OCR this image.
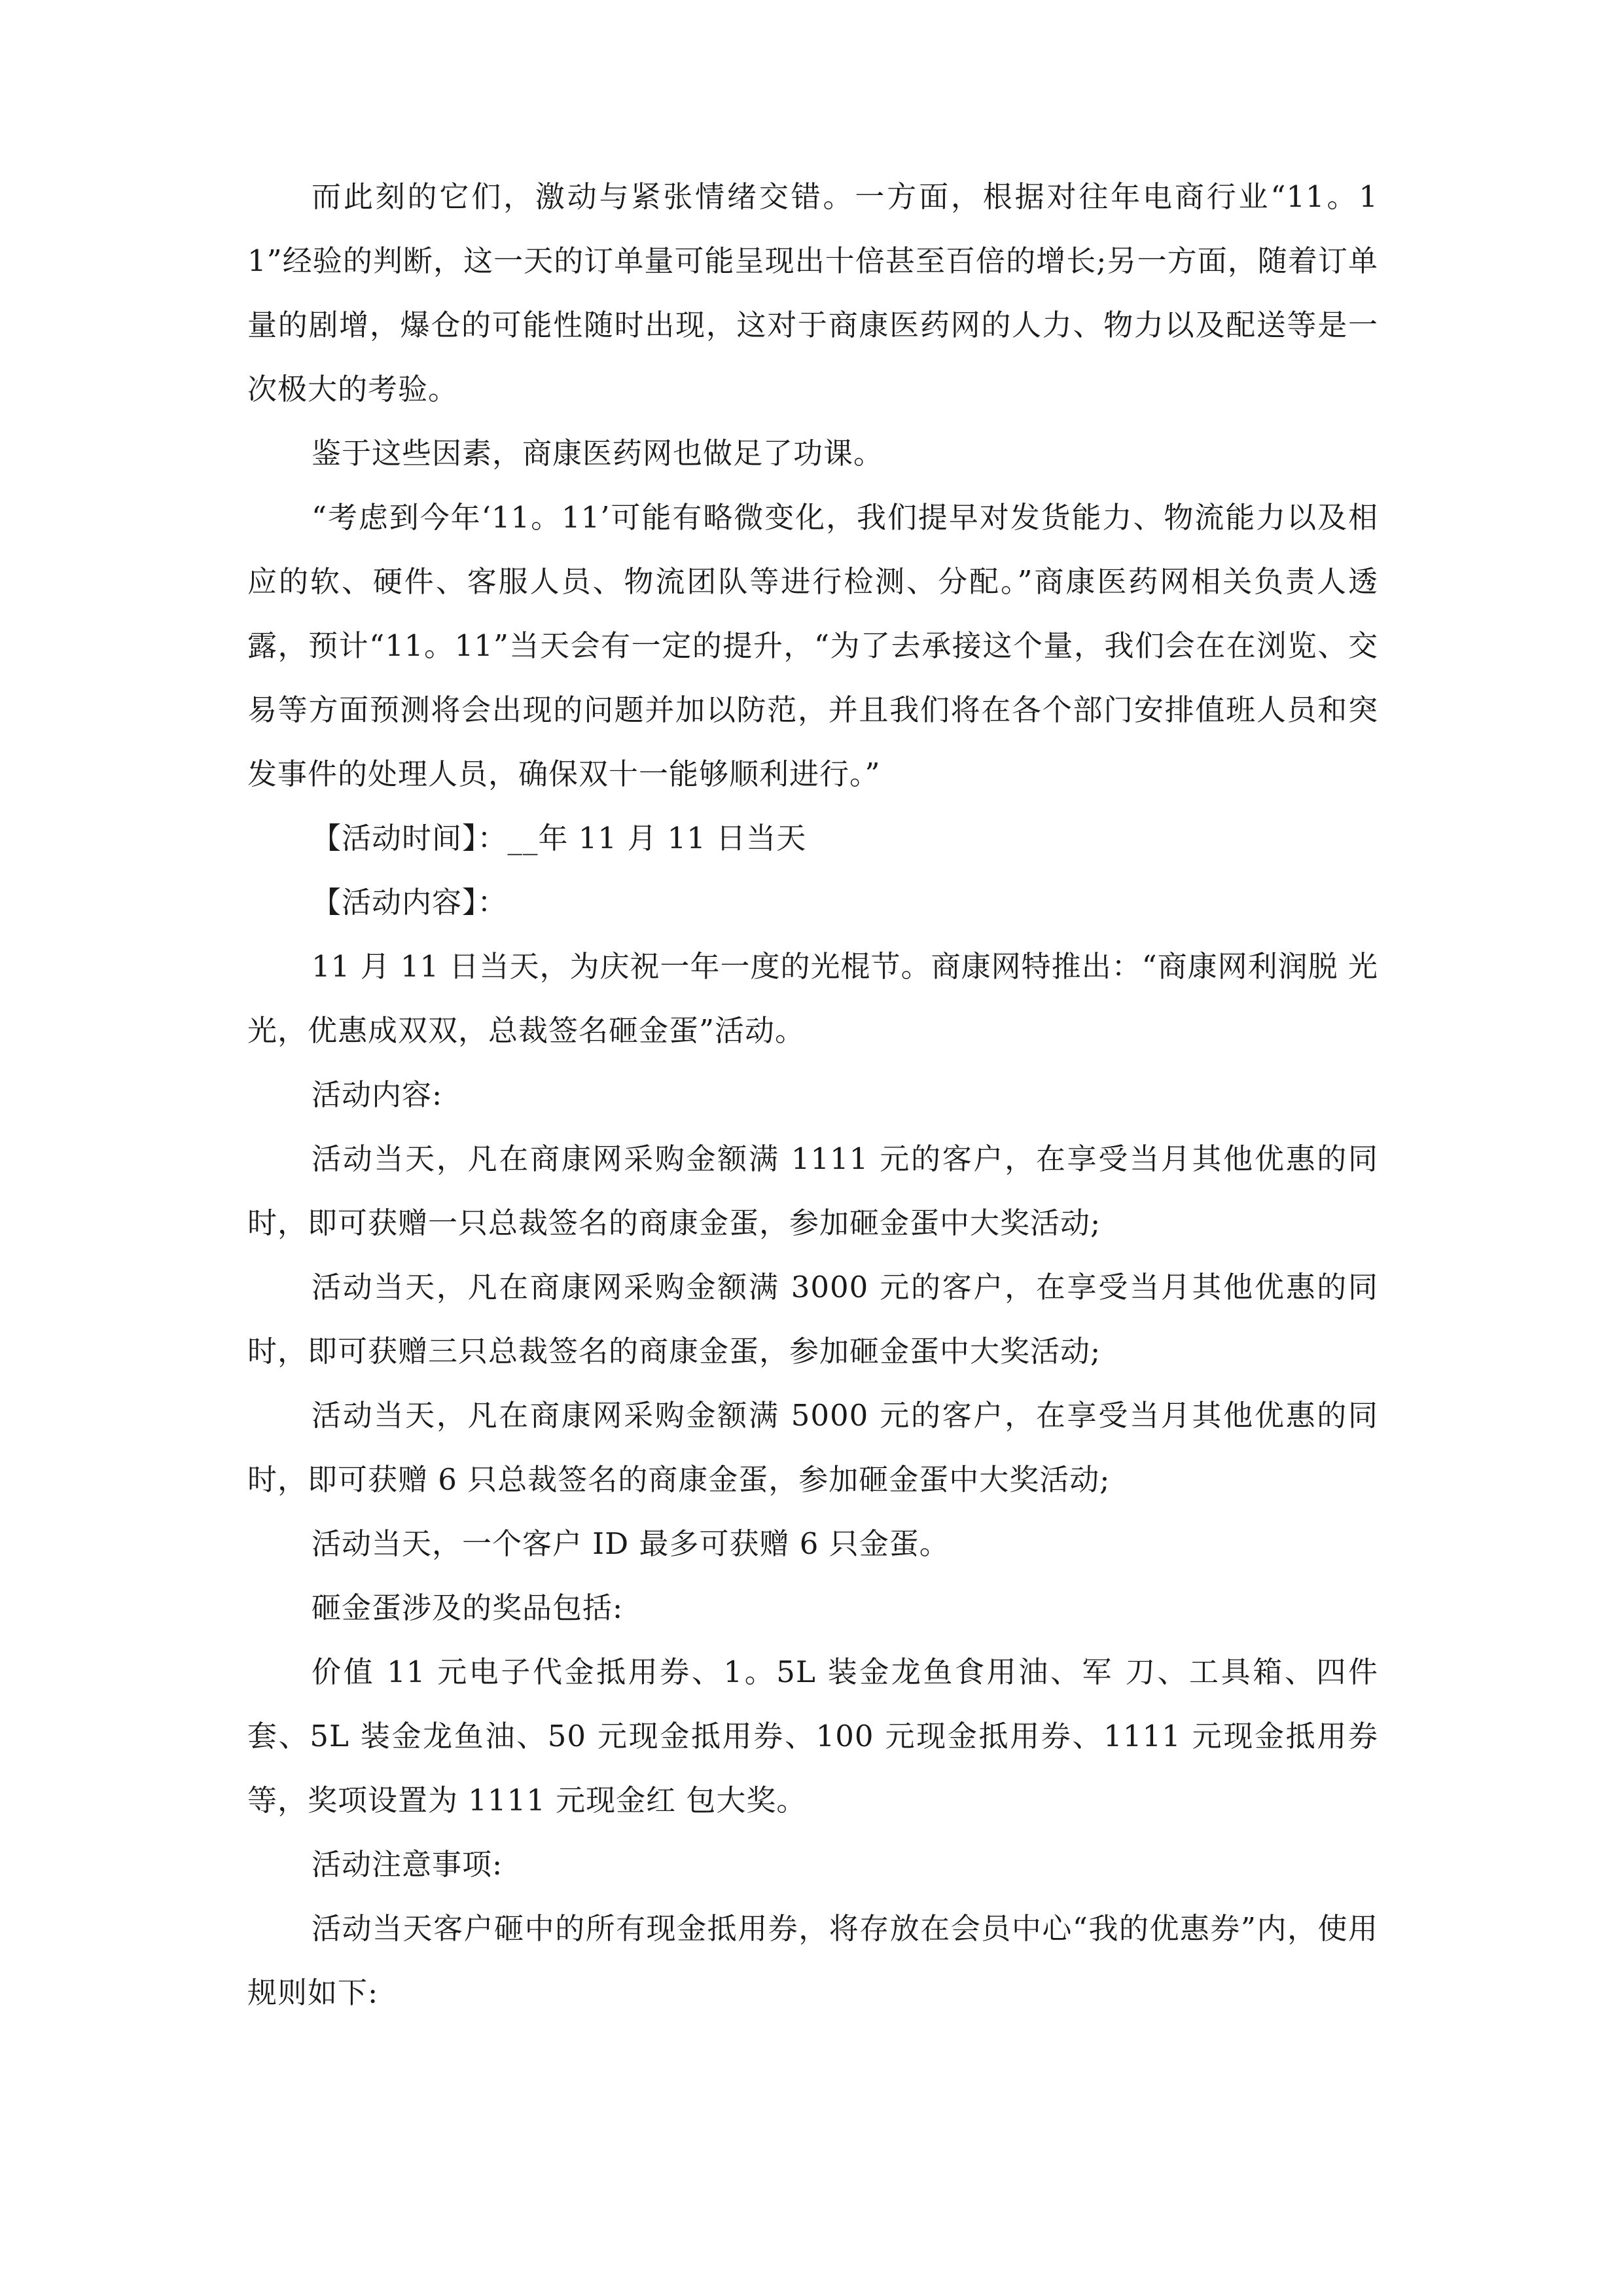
而此刻的它们，激动与紧张情绪交错。一方面，根据对往年电商行业“11。11”经验的判断，这一天的订单量可能呈现出十倍甚至百倍的增长;另一方面，随着订单量的剧增，爆仓的可能性随时出现，这对于商康医药网的人力、物力以及配送等是一次极大的考验。

鉴于这些因素，商康医药网也做足了功课。

“考虑到今年‘11。11’可能有略微变化，我们提早对发货能力、物流能力以及相应的软、硬件、客服人员、物流团队等进行检测、分配。”商康医药网相关负责人透露，预计“11。11”当天会有一定的提升，“为了去承接这个量，我们会在在浏览、交易等方面预测将会出现的问题并加以防范，并且我们将在各个部门安排值班人员和突发事件的处理人员，确保双十一能够顺利进行。”

【活动时间】：__年 11 月 11 日当天

【活动内容】：

11 月 11 日当天，为庆祝一年一度的光棍节。商康网特推出：“商康网利润脱 光光，优惠成双双，总裁签名砸金蛋”活动。

活动内容:

活动当天，凡在商康网采购金额满 1111 元的客户，在享受当月其他优惠的同时，即可获赠一只总裁签名的商康金蛋，参加砸金蛋中大奖活动;

活动当天，凡在商康网采购金额满 3000 元的客户，在享受当月其他优惠的同时，即可获赠三只总裁签名的商康金蛋，参加砸金蛋中大奖活动;

活动当天，凡在商康网采购金额满 5000 元的客户，在享受当月其他优惠的同时，即可获赠 6 只总裁签名的商康金蛋，参加砸金蛋中大奖活动;

活动当天，一个客户 ID 最多可获赠 6 只金蛋。

砸金蛋涉及的奖品包括:

价值 11 元电子代金抵用券、1。5L 装金龙鱼食用油、军 刀、工具箱、四件套、5L 装金龙鱼油、50 元现金抵用券、100 元现金抵用券、1111 元现金抵用券等，奖项设置为 1111 元现金红 包大奖。

活动注意事项:

活动当天客户砸中的所有现金抵用券，将存放在会员中心“我的优惠券”内，使用规则如下:
